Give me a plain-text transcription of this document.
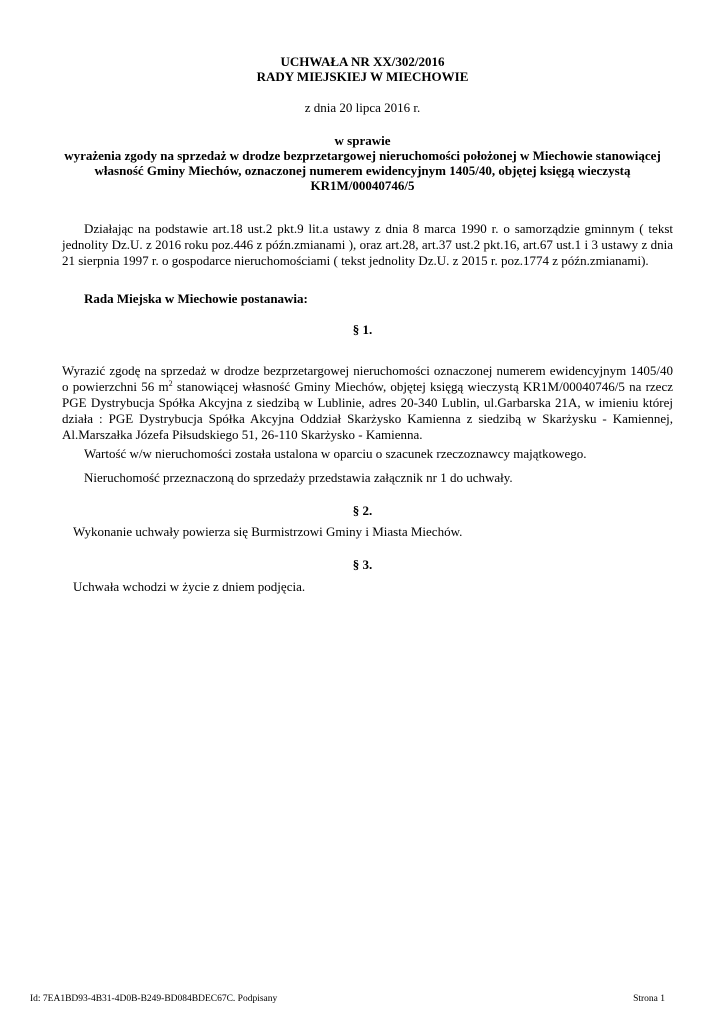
UCHWAŁA NR XX/302/2016

RADY MIEJSKIEJ W MIECHOWIE

z dnia 20 lipca 2016 r.

w sprawie

wyrażenia zgody na sprzedaż w drodze bezprzetargowej nieruchomości położonej w Miechowie stanowiącej

własność Gminy Miechów, oznaczonej numerem ewidencyjnym 1405/40, objętej księgą wieczystą

KR1M/00040746/5

Działając na podstawie art.18 ust.2 pkt.9 lit.a ustawy z dnia 8 marca 1990 r. o samorządzie gminnym ( tekst jednolity Dz.U. z 2016 roku poz.446 z późn.zmianami ), oraz art.28, art.37 ust.2 pkt.16, art.67 ust.1 i 3 ustawy z dnia 21 sierpnia 1997 r. o gospodarce nieruchomościami ( tekst jednolity Dz.U. z 2015 r. poz.1774 z późn.zmianami).

Rada Miejska w Miechowie postanawia:

§ 1.

Wyrazić zgodę na sprzedaż w drodze bezprzetargowej nieruchomości oznaczonej numerem ewidencyjnym 1405/40 o powierzchni 56 $m^2$ stanowiącej własność Gminy Miechów, objętej księgą wieczystą KR1M/00040746/5 na rzecz PGE Dystrybucja Spółka Akcyjna z siedzibą w Lublinie, adres 20-340 Lublin, ul.Garbarska 21A, w imieniu której działa : PGE Dystrybucja Spółka Akcyjna Oddział Skarżysko Kamienna z siedzibą w Skarżysku - Kamiennej, Al.Marszałka Józefa Piłsudskiego 51, 26-110 Skarżysko - Kamienna.

Wartość w/w nieruchomości została ustalona w oparciu o szacunek rzeczoznawcy majątkowego.

Nieruchomość przeznaczoną do sprzedaży przedstawia załącznik nr 1 do uchwały.

§ 2.

Wykonanie uchwały powierza się Burmistrzowi Gminy i Miasta Miechów.

§ 3.

Uchwała wchodzi w życie z dniem podjęcia.

Id: 7EA1BD93-4B31-4D0B-B249-BD084BDEC67C. Podpisany	Strona 1
